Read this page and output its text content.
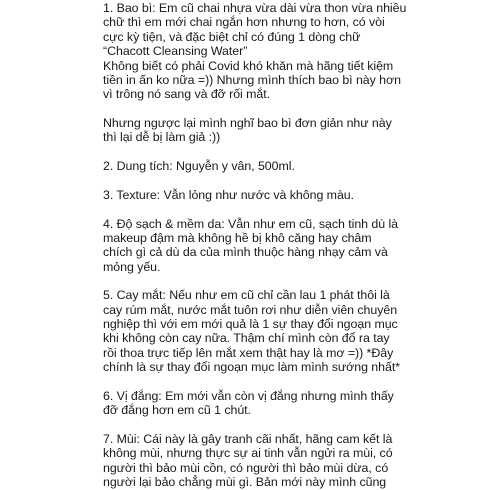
1. Bao bì: Em cũ chai nhựa vừa dài vừa thon vừa nhiều
chữ thì em mới chai ngắn hơn nhưng to hơn, có vòi
cực kỳ tiện, và đặc biệt chỉ có đúng 1 dòng chữ
“Chacott Cleansing Water”
Không biết có phải Covid khó khăn mà hãng tiết kiệm
tiền in ấn ko nữa =)) Nhưng mình thích bao bì này hơn
vì trông nó sang và đỡ rối mắt.
Nhưng ngược lại mình nghĩ bao bì đơn giản như này
thì lại dễ bị làm giả :))
2. Dung tích: Nguyễn y vân, 500ml.
3. Texture: Vẫn lỏng như nước và không màu.
4. Độ sạch & mềm da: Vẫn như em cũ, sạch tinh dù là
makeup đậm mà không hề bị khô căng hay châm
chích gì cả dù da của mình thuộc hàng nhạy cảm và
mỏng yếu.
5. Cay mắt: Nếu như em cũ chỉ cần lau 1 phát thôi là
cay rúm mắt, nước mắt tuôn rơi như diễn viên chuyên
nghiệp thì với em mới quả là 1 sự thay đổi ngoạn mục
khi không còn cay nữa. Thậm chí mình còn đổ ra tay
rồi thoa trực tiếp lên mắt xem thật hay là mơ =)) *Đây
chính là sự thay đổi ngoạn mục làm mình sướng nhất*
6. Vị đắng: Em mới vẫn còn vị đắng nhưng mình thấy
đỡ đắng hơn em cũ 1 chút.
7. Mùi: Cái này là gây tranh cãi nhất, hãng cam kết là
không mùi, nhưng thực sự ai tinh vẫn ngửi ra mùi, có
người thì bảo mùi cồn, có người thì bảo mùi dừa, có
người lại bảo chẳng mùi gì. Bản mới này mình cũng
